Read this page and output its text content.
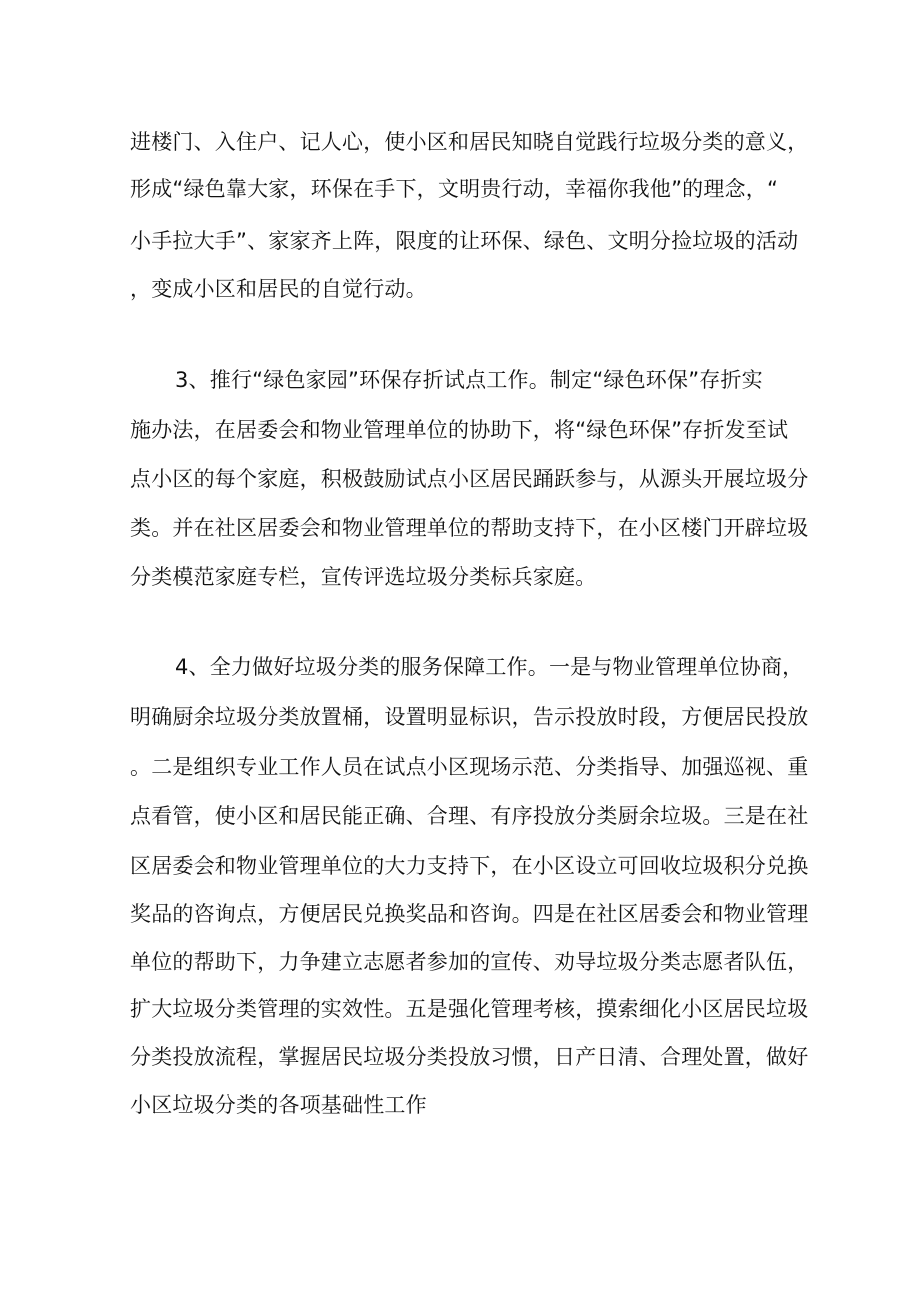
进楼门、入住户、记人心，使小区和居民知晓自觉践行垃圾分类的意义，
形成“绿色靠大家，环保在手下，文明贵行动，幸福你我他”的理念，“
小手拉大手”、家家齐上阵，限度的让环保、绿色、文明分捡垃圾的活动
，变成小区和居民的自觉行动。
3、推行“绿色家园”环保存折试点工作。制定“绿色环保”存折实
施办法，在居委会和物业管理单位的协助下，将“绿色环保”存折发至试
点小区的每个家庭，积极鼓励试点小区居民踊跃参与，从源头开展垃圾分
类。并在社区居委会和物业管理单位的帮助支持下，在小区楼门开辟垃圾
分类模范家庭专栏，宣传评选垃圾分类标兵家庭。
4、全力做好垃圾分类的服务保障工作。一是与物业管理单位协商，
明确厨余垃圾分类放置桶，设置明显标识，告示投放时段，方便居民投放
。二是组织专业工作人员在试点小区现场示范、分类指导、加强巡视、重
点看管，使小区和居民能正确、合理、有序投放分类厨余垃圾。三是在社
区居委会和物业管理单位的大力支持下，在小区设立可回收垃圾积分兑换
奖品的咨询点，方便居民兑换奖品和咨询。四是在社区居委会和物业管理
单位的帮助下，力争建立志愿者参加的宣传、劝导垃圾分类志愿者队伍，
扩大垃圾分类管理的实效性。五是强化管理考核，摸索细化小区居民垃圾
分类投放流程，掌握居民垃圾分类投放习惯，日产日清、合理处置，做好
小区垃圾分类的各项基础性工作
